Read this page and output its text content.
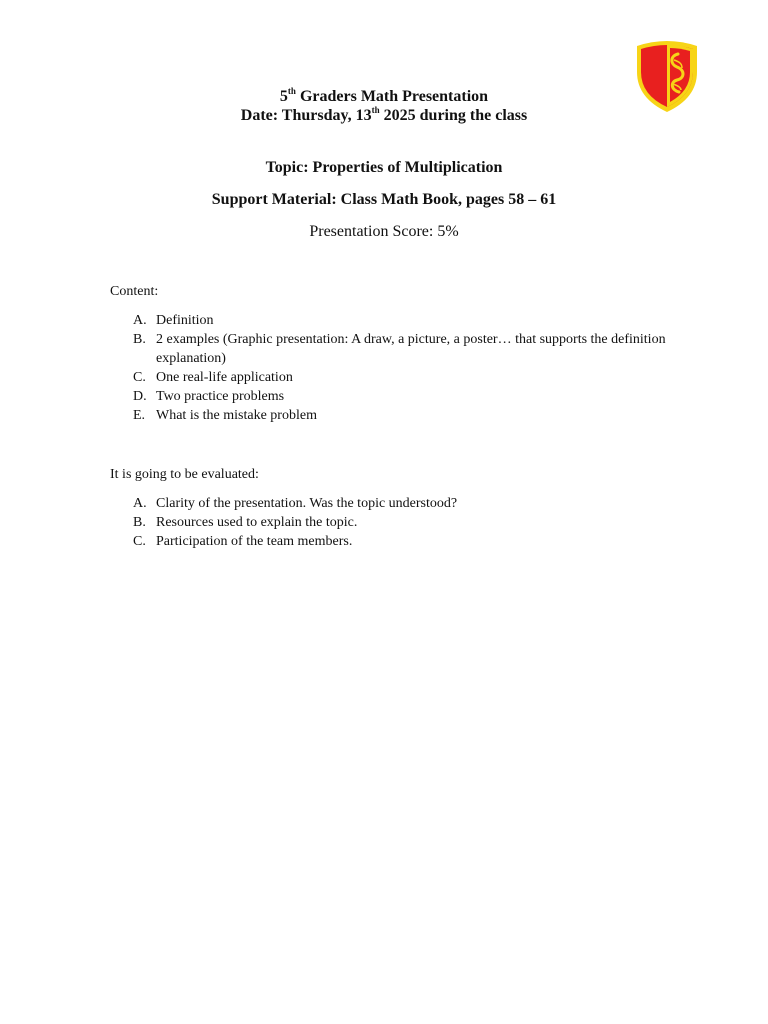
5th Graders Math Presentation
Date: Thursday, 13th 2025 during the class
Topic: Properties of Multiplication
Support Material: Class Math Book, pages 58 – 61
Presentation Score: 5%
Content:
A. Definition
B. 2 examples (Graphic presentation: A draw, a picture, a poster… that supports the definition explanation)
C. One real-life application
D. Two practice problems
E. What is the mistake problem
It is going to be evaluated:
A. Clarity of the presentation. Was the topic understood?
B. Resources used to explain the topic.
C. Participation of the team members.
